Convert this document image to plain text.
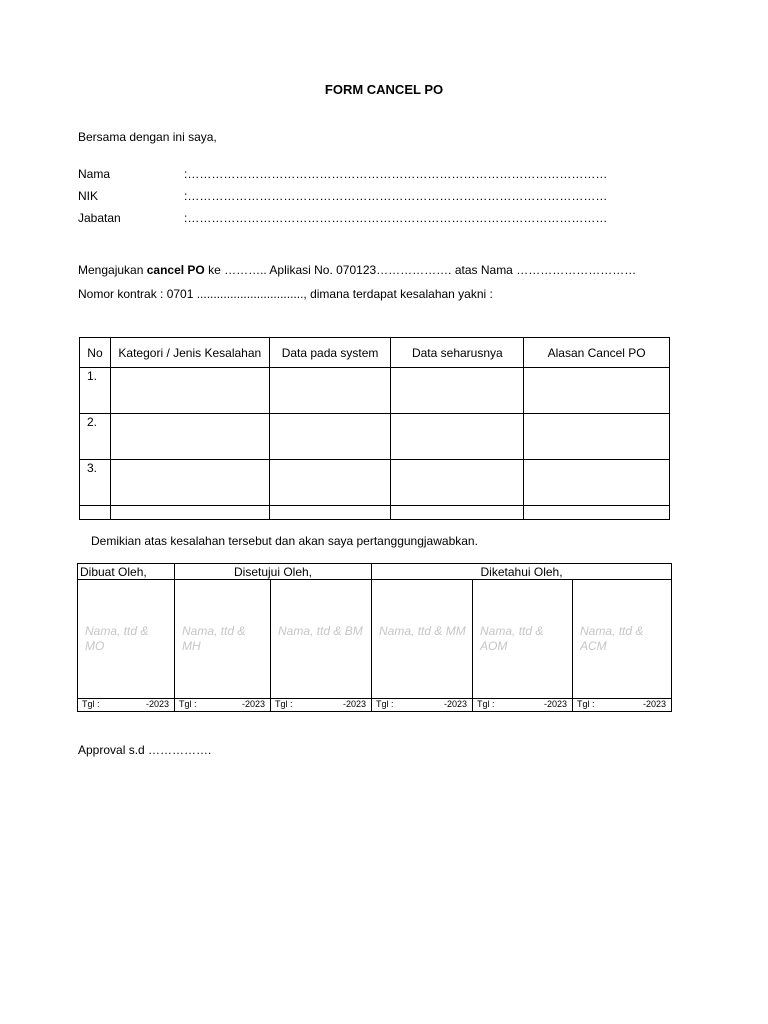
FORM CANCEL PO
Bersama dengan ini saya,
Nama	:……………………………………………………………………………………………
NIK	:……………………………………………………………………………………………
Jabatan	:……………………………………………………………………………………………
Mengajukan cancel PO ke ……….. Aplikasi No. 070123………………. atas Nama …………………………
Nomor kontrak : 0701 ................................, dimana terdapat kesalahan yakni :
No	Kategori / Jenis Kesalahan	Data pada system	Data seharusnya	Alasan Cancel PO
1.				
2.				
3.				

Demikian atas kesalahan tersebut dan akan saya pertanggungjawabkan.
Dibuat Oleh,	Disetujui Oleh,		Diketahui Oleh,		

Nama, ttd & MO	Nama, ttd & MH	Nama, ttd & BM	Nama, ttd & MM	Nama, ttd & AOM	Nama, ttd & ACM

Tgl : -2023	Tgl : -2023	Tgl : -2023	Tgl : -2023	Tgl : -2023	Tgl : -2023
Approval s.d …………….
